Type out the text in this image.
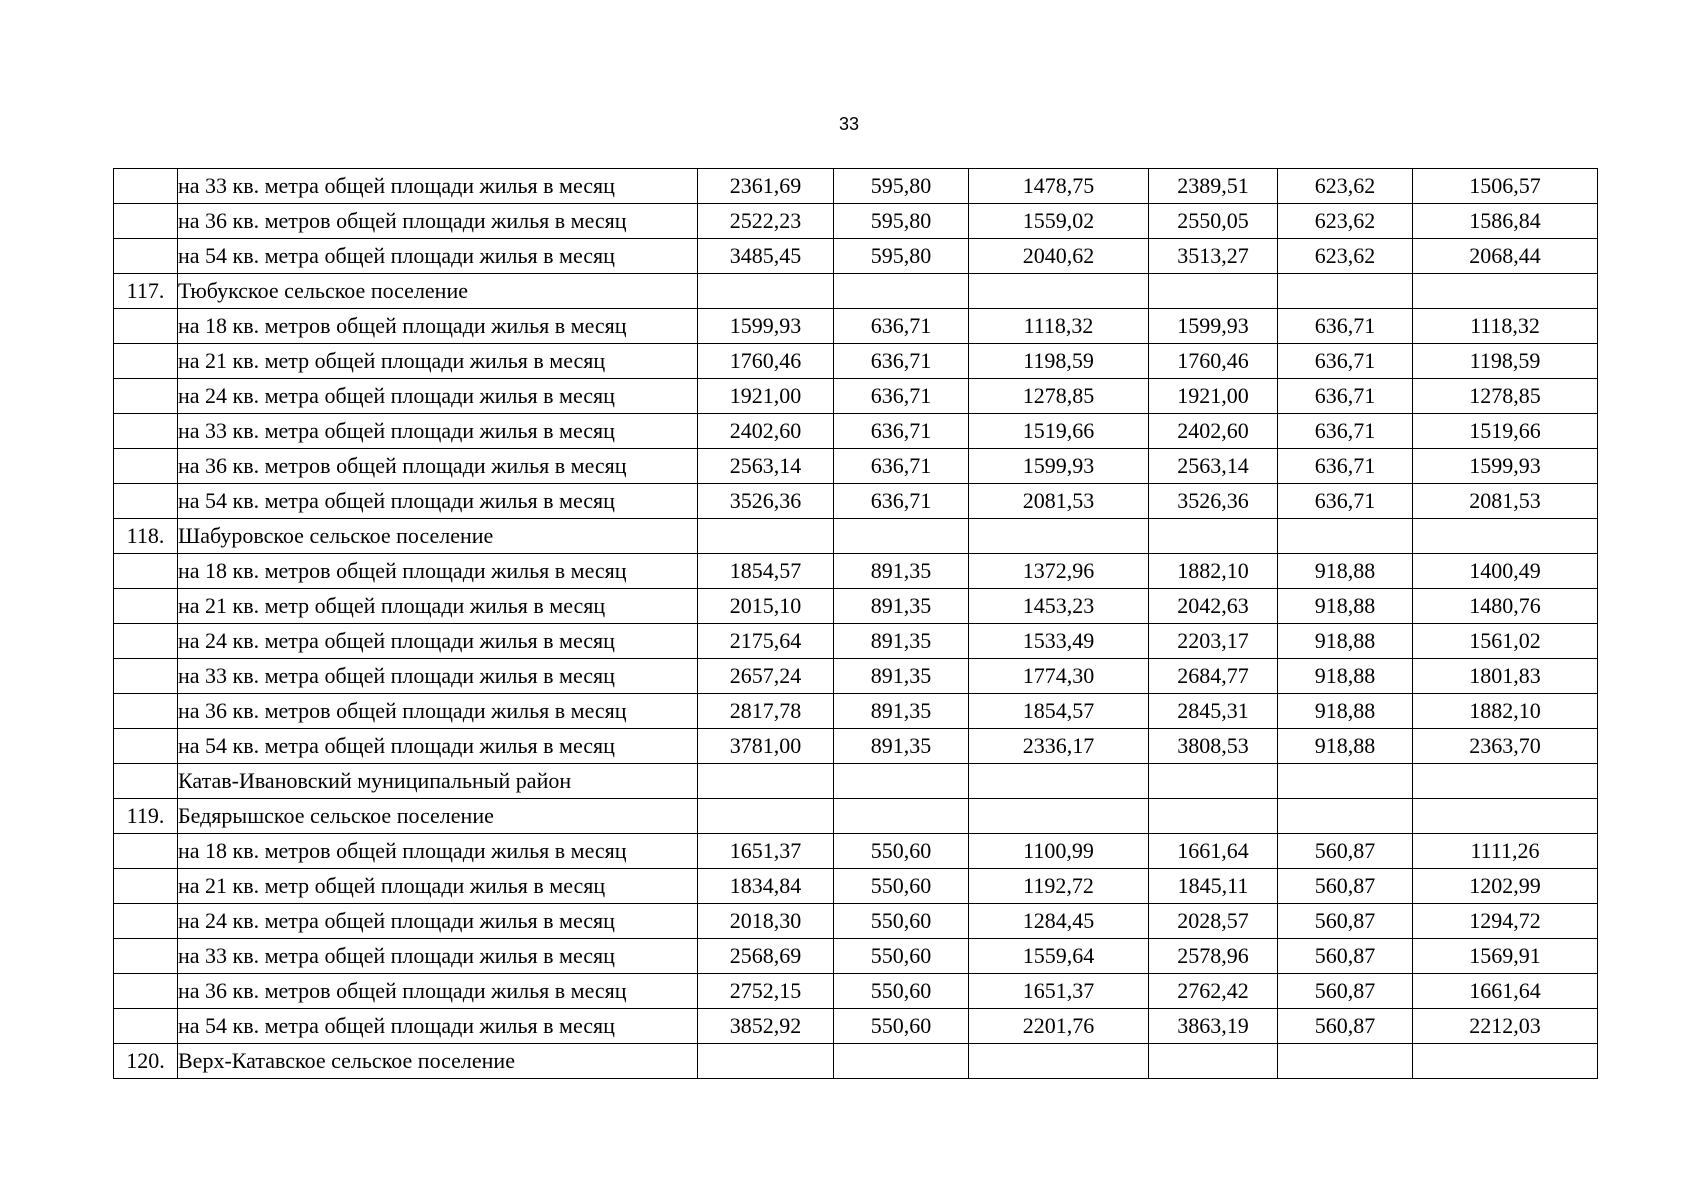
33
	на 33 кв. метра общей площади жилья в месяц	2361,69	595,80	1478,75	2389,51	623,62	1506,57
	на 36 кв. метров общей площади жилья в месяц	2522,23	595,80	1559,02	2550,05	623,62	1586,84
	на 54 кв. метра общей площади жилья в месяц	3485,45	595,80	2040,62	3513,27	623,62	2068,44
117.	Тюбукское сельское поселение						
	на 18 кв. метров общей площади жилья в месяц	1599,93	636,71	1118,32	1599,93	636,71	1118,32
	на 21 кв. метр общей площади жилья в месяц	1760,46	636,71	1198,59	1760,46	636,71	1198,59
	на 24 кв. метра общей площади жилья в месяц	1921,00	636,71	1278,85	1921,00	636,71	1278,85
	на 33 кв. метра общей площади жилья в месяц	2402,60	636,71	1519,66	2402,60	636,71	1519,66
	на 36 кв. метров общей площади жилья в месяц	2563,14	636,71	1599,93	2563,14	636,71	1599,93
	на 54 кв. метра общей площади жилья в месяц	3526,36	636,71	2081,53	3526,36	636,71	2081,53
118.	Шабуровское сельское поселение						
	на 18 кв. метров общей площади жилья в месяц	1854,57	891,35	1372,96	1882,10	918,88	1400,49
	на 21 кв. метр общей площади жилья в месяц	2015,10	891,35	1453,23	2042,63	918,88	1480,76
	на 24 кв. метра общей площади жилья в месяц	2175,64	891,35	1533,49	2203,17	918,88	1561,02
	на 33 кв. метра общей площади жилья в месяц	2657,24	891,35	1774,30	2684,77	918,88	1801,83
	на 36 кв. метров общей площади жилья в месяц	2817,78	891,35	1854,57	2845,31	918,88	1882,10
	на 54 кв. метра общей площади жилья в месяц	3781,00	891,35	2336,17	3808,53	918,88	2363,70
	Катав-Ивановский муниципальный район						
119.	Бедярышское сельское поселение						
	на 18 кв. метров общей площади жилья в месяц	1651,37	550,60	1100,99	1661,64	560,87	1111,26
	на 21 кв. метр общей площади жилья в месяц	1834,84	550,60	1192,72	1845,11	560,87	1202,99
	на 24 кв. метра общей площади жилья в месяц	2018,30	550,60	1284,45	2028,57	560,87	1294,72
	на 33 кв. метра общей площади жилья в месяц	2568,69	550,60	1559,64	2578,96	560,87	1569,91
	на 36 кв. метров общей площади жилья в месяц	2752,15	550,60	1651,37	2762,42	560,87	1661,64
	на 54 кв. метра общей площади жилья в месяц	3852,92	550,60	2201,76	3863,19	560,87	2212,03
120.	Верх-Катавское сельское поселение						
